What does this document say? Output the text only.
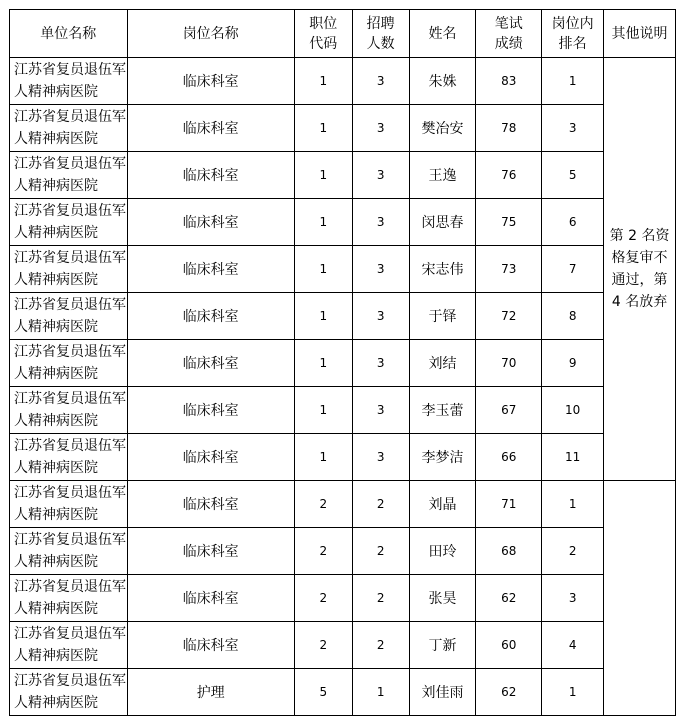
单位名称	岗位名称	职位代码	招聘人数	姓名	笔试成绩	岗位内排名	其他说明
江苏省复员退伍军人精神病医院	临床科室	1	3	朱姝	83	1	第 2 名资格复审不通过，第 4 名放弃
江苏省复员退伍军人精神病医院	临床科室	1	3	樊冶安	78	3	
江苏省复员退伍军人精神病医院	临床科室	1	3	王逸	76	5	
江苏省复员退伍军人精神病医院	临床科室	1	3	闵思春	75	6	
江苏省复员退伍军人精神病医院	临床科室	1	3	宋志伟	73	7	
江苏省复员退伍军人精神病医院	临床科室	1	3	于铎	72	8	
江苏省复员退伍军人精神病医院	临床科室	1	3	刘结	70	9	
江苏省复员退伍军人精神病医院	临床科室	1	3	李玉蕾	67	10	
江苏省复员退伍军人精神病医院	临床科室	1	3	李梦洁	66	11	
江苏省复员退伍军人精神病医院	临床科室	2	2	刘晶	71	1	
江苏省复员退伍军人精神病医院	临床科室	2	2	田玲	68	2	
江苏省复员退伍军人精神病医院	临床科室	2	2	张昊	62	3	
江苏省复员退伍军人精神病医院	临床科室	2	2	丁新	60	4	
江苏省复员退伍军人精神病医院	护理	5	1	刘佳雨	62	1	
